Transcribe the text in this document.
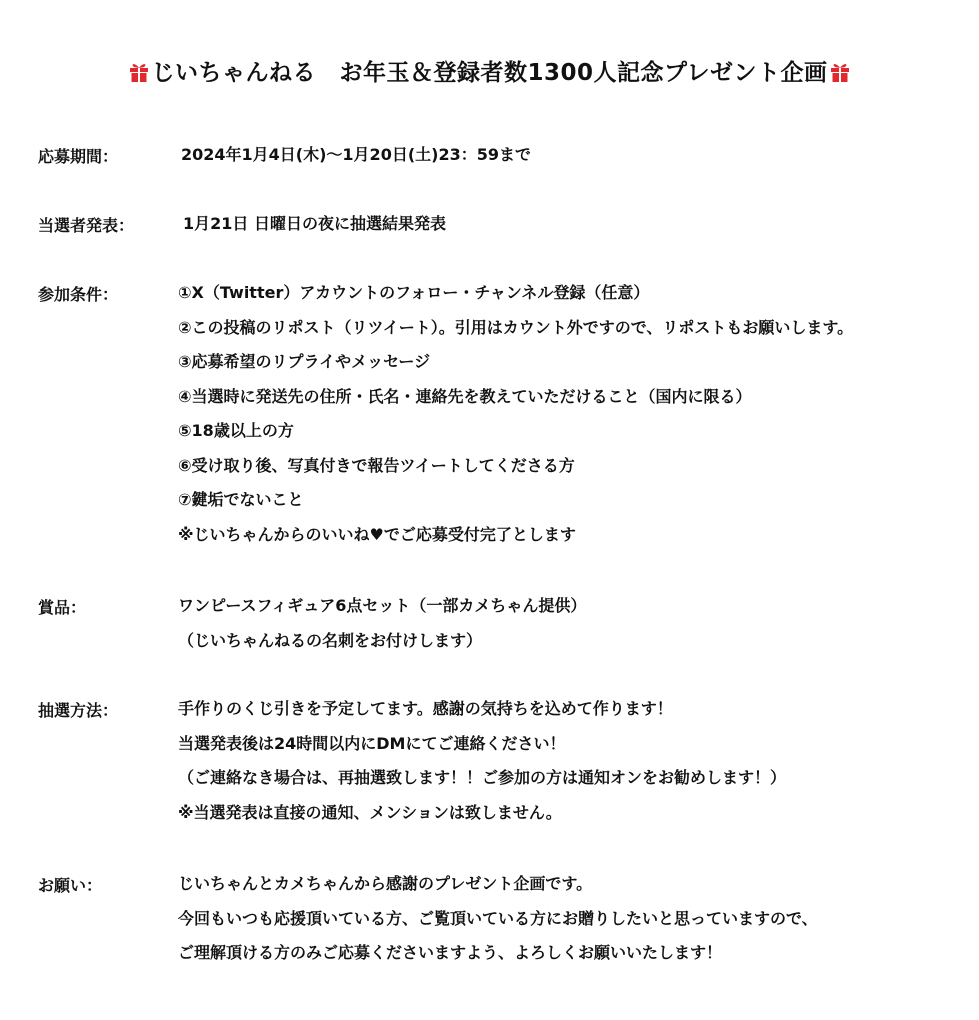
じいちゃんねる　お年玉＆登録者数1300人記念プレゼント企画
応募期間：	2024年1月4日(木)～1月20日(土)23：59まで
当選者発表：	1月21日 日曜日の夜に抽選結果発表
参加条件：	①X（Twitter）アカウントのフォロー・チャンネル登録（任意）
②この投稿のリポスト（リツイート）。引用はカウント外ですので、リポストもお願いします。
③応募希望のリプライやメッセージ
④当選時に発送先の住所・氏名・連絡先を教えていただけること（国内に限る）
⑤18歳以上の方
⑥受け取り後、写真付きで報告ツイートしてくださる方
⑦鍵垢でないこと
※じいちゃんからのいいね♥でご応募受付完了とします
賞品：	ワンピースフィギュア6点セット（一部カメちゃん提供）
（じいちゃんねるの名刺をお付けします）
抽選方法：	手作りのくじ引きを予定してます。感謝の気持ちを込めて作ります！
当選発表後は24時間以内にDMにてご連絡ください！
（ご連絡なき場合は、再抽選致します！！ご参加の方は通知オンをお勧めします！）
※当選発表は直接の通知、メンションは致しません。
お願い：	じいちゃんとカメちゃんから感謝のプレゼント企画です。
今回もいつも応援頂いている方、ご覧頂いている方にお贈りしたいと思っていますので、
ご理解頂ける方のみご応募くださいますよう、よろしくお願いいたします！
